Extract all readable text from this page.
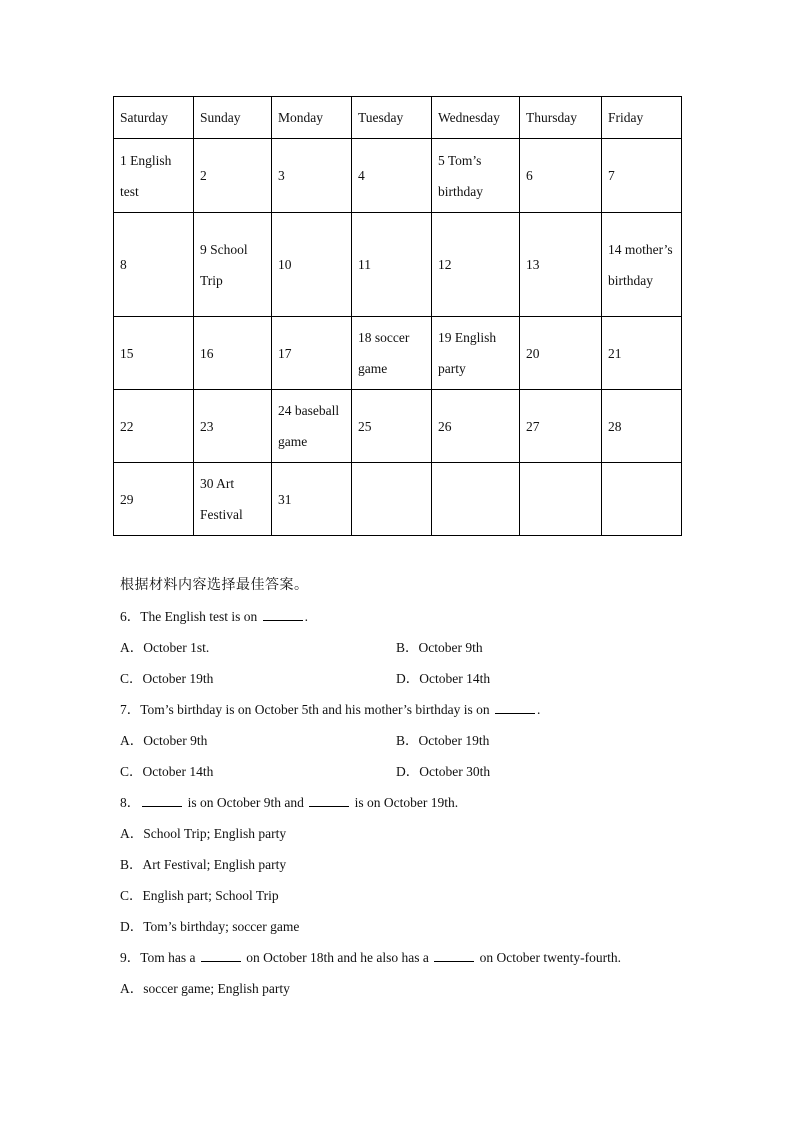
Saturday	Sunday	Monday	Tuesday	Wednesday	Thursday	Friday
1 English test	2	3	4	5 Tom’s birthday	6	7
8	9 School Trip	10	11	12	13	14 mother’s birthday
15	16	17	18 soccer game	19 English party	20	21
22	23	24 baseball game	25	26	27	28
29	30 Art Festival	31				

根据材料内容选择最佳答案。

6．The English test is on	.

A．October 1st.	B．October 9th
C．October 19th	D．October 14th

7．Tom’s birthday is on October 5th and his mother’s birthday is on	.

A．October 9th	B．October 19th
C．October 14th	D．October 30th

8．	is on October 9th and	is on October 19th.

A．School Trip; English party
B．Art Festival; English party
C．English part; School Trip
D．Tom’s birthday; soccer game

9．Tom has a	on October 18th and he also has a	on October twenty-fourth.

A．soccer game; English party
